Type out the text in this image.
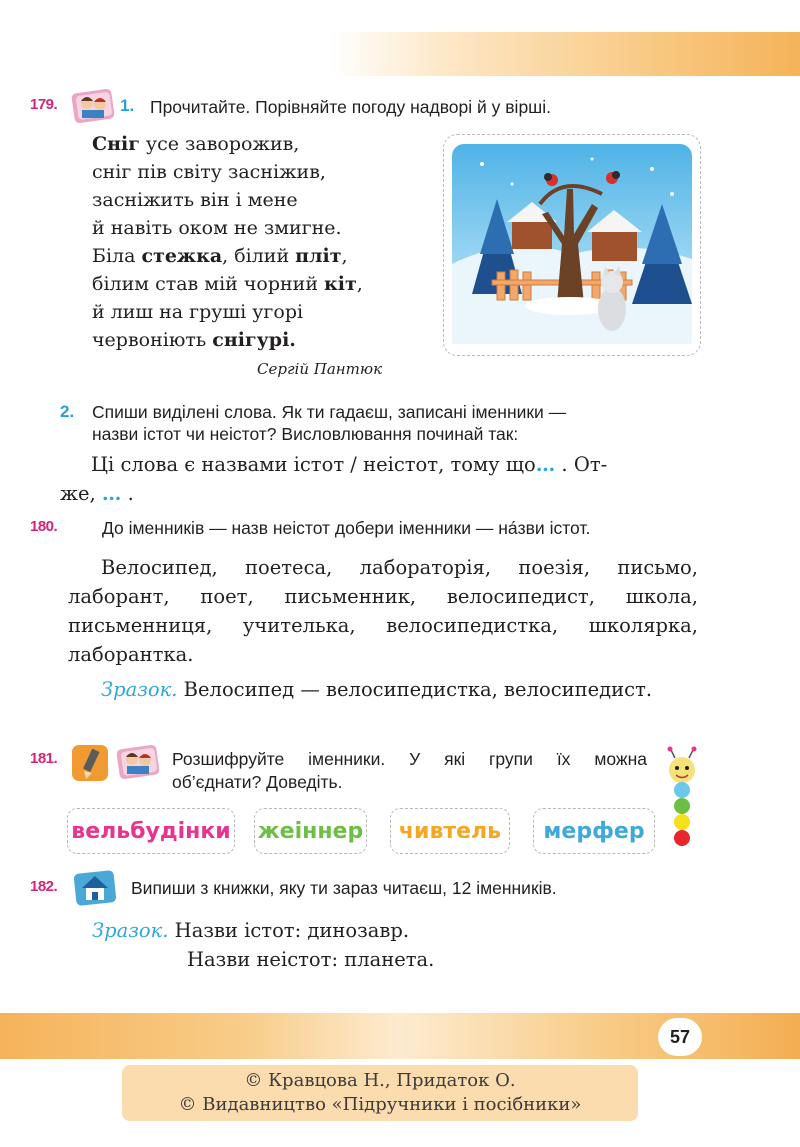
179.	1. Прочитайте. Порівняйте погоду надворі й у вірші.
Сніг усе заворожив,
сніг пів світу засніжив,
засніжить він і мене
й навіть оком не змигне.
Біла стежка, білий пліт,
білим став мій чорний кіт,
й лиш на груші угорі
червоніють снігурі.
Сергій Пантюк
2. Спиши виділені слова. Як ти гадаєш, записані іменники —
назви істот чи неістот? Висловлювання починай так:
Ці слова є назвами істот / неістот, тому що… . От-
же, … .
180.	До іменників — назв неістот добери іменники — на́зви істот.
Велосипед, поетеса, лабораторія, поезія, письмо, лаборант, поет, письменник, велосипедист, школа, письменниця, учителька, велосипедистка, школярка, лаборантка.
Зразок. Велосипед — велосипедистка, велосипедист.
181.	Розшифруйте іменники. У які групи їх можна
об’єднати? Доведіть.
вельбудінки жеіннер	чивтель	мерфер
182.	Випиши з книжки, яку ти зараз читаєш, 12 іменників.
Зразок. Назви істот: динозавр.
Назви неістот: планета.
57
© Кравцова Н., Придаток О.
© Видавництво «Підручники і посібники»
